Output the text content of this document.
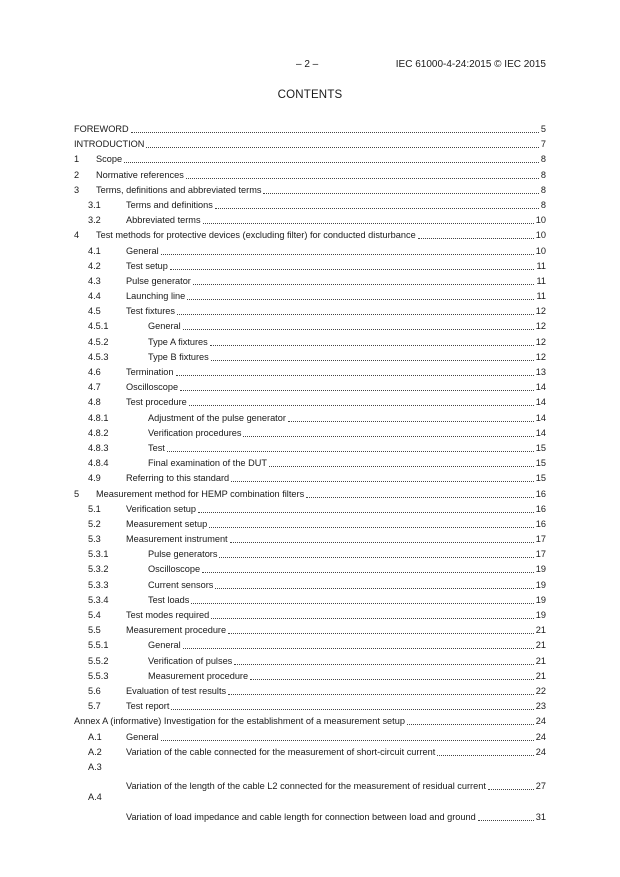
– 2 –	IEC 61000-4-24:2015 © IEC 2015
CONTENTS
FOREWORD	5
INTRODUCTION	7
1 Scope	8
2 Normative references	8
3 Terms, definitions and abbreviated terms	8
3.1	Terms and definitions	8
3.2	Abbreviated terms	10
4 Test methods for protective devices (excluding filter) for conducted disturbance	10
4.1	General	10
4.2	Test setup	11
4.3	Pulse generator	11
4.4	Launching line	11
4.5	Test fixtures	12
4.5.1	General	12
4.5.2	Type A fixtures	12
4.5.3	Type B fixtures	12
4.6	Termination	13
4.7	Oscilloscope	14
4.8	Test procedure	14
4.8.1	Adjustment of the pulse generator	14
4.8.2	Verification procedures	14
4.8.3	Test	15
4.8.4	Final examination of the DUT	15
4.9	Referring to this standard	15
5 Measurement method for HEMP combination filters	16
5.1	Verification setup	16
5.2	Measurement setup	16
5.3	Measurement instrument	17
5.3.1	Pulse generators	17
5.3.2	Oscilloscope	19
5.3.3	Current sensors	19
5.3.4	Test loads	19
5.4	Test modes required	19
5.5	Measurement procedure	21
5.5.1	General	21
5.5.2	Verification of pulses	21
5.5.3	Measurement procedure	21
5.6	Evaluation of test results	22
5.7	Test report	23
Annex A (informative) Investigation for the establishment of a measurement setup	24
A.1	General	24
A.2	Variation of the cable connected for the measurement of short-circuit current	24
A.3
Variation of the length of the cable L2 connected for the measurement of residual current	27
A.4
Variation of load impedance and cable length for connection between load and ground	31
